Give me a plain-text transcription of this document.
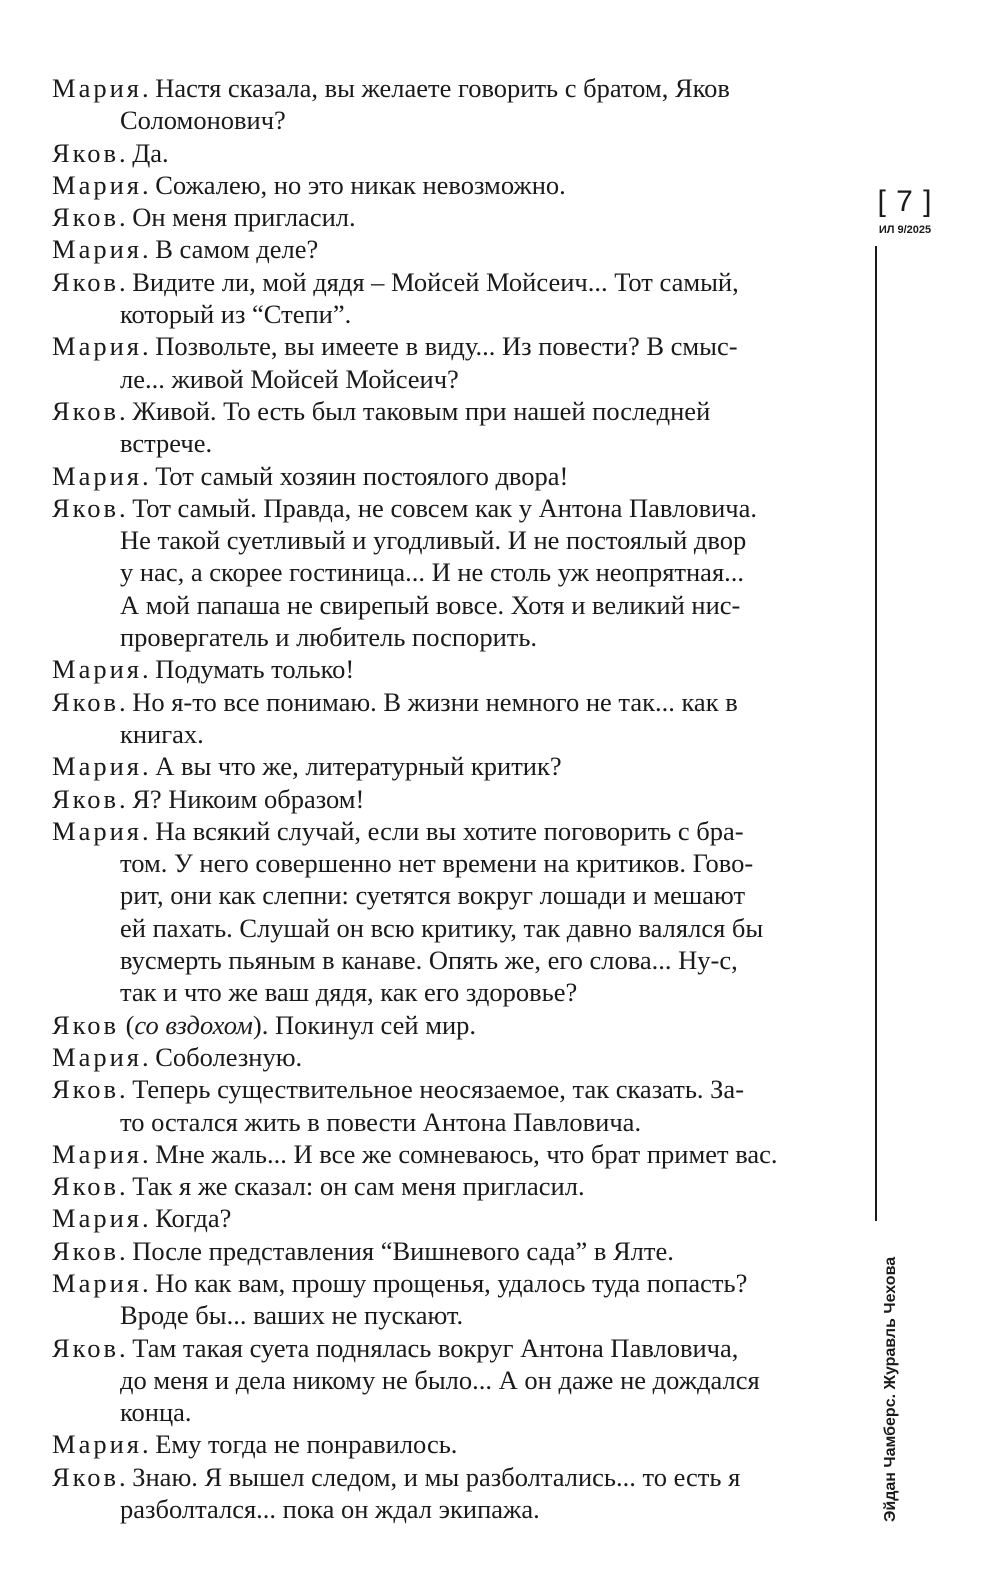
Мария. Настя сказала, вы желаете говорить с братом, Яков
Соломонович?
Яков. Да.
Мария. Сожалею, но это никак невозможно.
Яков. Он меня пригласил.
Мария. В самом деле?
Яков. Видите ли, мой дядя – Мойсей Мойсеич... Тот самый,
который из “Степи”.
Мария. Позвольте, вы имеете в виду... Из повести? В смыс-
ле... живой Мойсей Мойсеич?
Яков. Живой. То есть был таковым при нашей последней
встрече.
Мария. Тот самый хозяин постоялого двора!
Яков. Тот самый. Правда, не совсем как у Антона Павловича.
Не такой суетливый и угодливый. И не постоялый двор
у нас, а скорее гостиница... И не столь уж неопрятная...
А мой папаша не свирепый вовсе. Хотя и великий нис-
провергатель и любитель поспорить.
Мария. Подумать только!
Яков. Но я-то все понимаю. В жизни немного не так... как в
книгах.
Мария. А вы что же, литературный критик?
Яков. Я? Никоим образом!
Мария. На всякий случай, если вы хотите поговорить с бра-
том. У него совершенно нет времени на критиков. Гово-
рит, они как слепни: суетятся вокруг лошади и мешают
ей пахать. Слушай он всю критику, так давно валялся бы
вусмерть пьяным в канаве. Опять же, его слова... Ну-с,
так и что же ваш дядя, как его здоровье?
Яков (со вздохом). Покинул сей мир.
Мария. Соболезную.
Яков. Теперь существительное неосязаемое, так сказать. За-
то остался жить в повести Антона Павловича.
Мария. Мне жаль... И все же сомневаюсь, что брат примет вас.
Яков. Так я же сказал: он сам меня пригласил.
Мария. Когда?
Яков. После представления “Вишневого сада” в Ялте.
Мария. Но как вам, прошу прощенья, удалось туда попасть?
Вроде бы... ваших не пускают.
Яков. Там такая суета поднялась вокруг Антона Павловича,
до меня и дела никому не было... А он даже не дождался
конца.
Мария. Ему тогда не понравилось.
Яков. Знаю. Я вышел следом, и мы разболтались... то есть я
разболтался... пока он ждал экипажа.
[ 7 ]
ИЛ 9/2025
Эйдан Чамберс. Журавль Чехова
